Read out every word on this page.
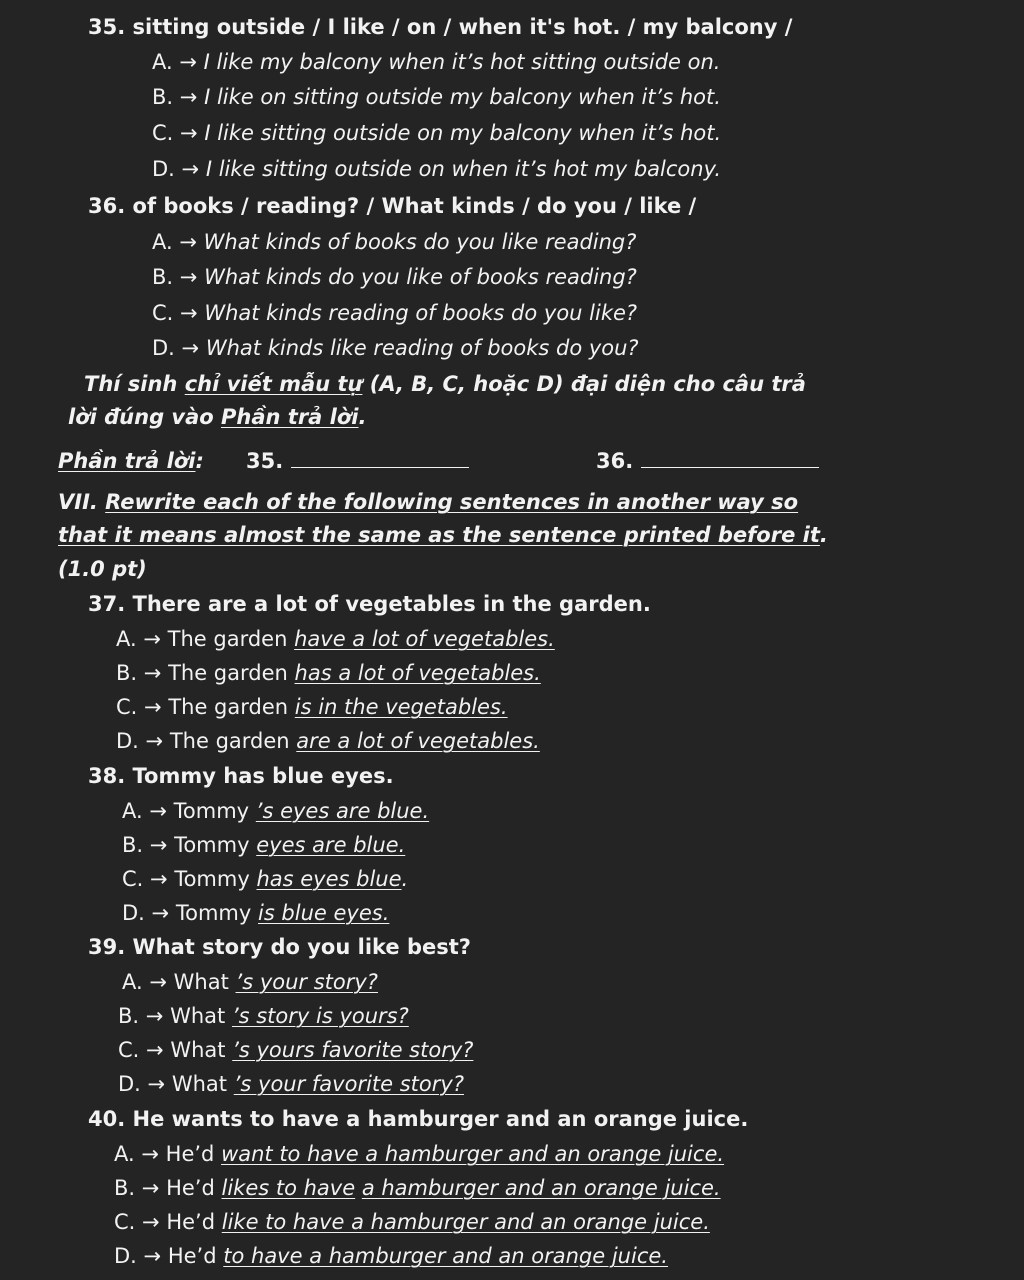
35. sitting outside / I like / on / when it's hot. / my balcony /
A. → I like my balcony when it’s hot sitting outside on.
B. → I like on sitting outside my balcony when it’s hot.
C. → I like sitting outside on my balcony when it’s hot.
D. → I like sitting outside on when it’s hot my balcony.
36. of books / reading? / What kinds / do you / like /
A. → What kinds of books do you like reading?
B. → What kinds do you like of books reading?
C. → What kinds reading of books do you like?
D. → What kinds like reading of books do you?
Thí sinh chỉ viết mẫu tự (A, B, C, hoặc D) đại diện cho câu trả
lời đúng vào Phần trả lời.
Phần trả lời: 35.	36.
VII. Rewrite each of the following sentences in another way so
that it means almost the same as the sentence printed before it.
(1.0 pt)
37. There are a lot of vegetables in the garden.
A. → The garden have a lot of vegetables.
B. → The garden has a lot of vegetables.
C. → The garden is in the vegetables.
D. → The garden are a lot of vegetables.
38. Tommy has blue eyes.
A. → Tommy ’s eyes are blue.
B. → Tommy eyes are blue.
C. → Tommy has eyes blue.
D. → Tommy is blue eyes.
39. What story do you like best?
A. → What ’s your story?
B. → What ’s story is yours?
C. → What ’s yours favorite story?
D. → What ’s your favorite story?
40. He wants to have a hamburger and an orange juice.
A. → He’d want to have a hamburger and an orange juice.
B. → He’d likes to have a hamburger and an orange juice.
C. → He’d like to have a hamburger and an orange juice.
D. → He’d to have a hamburger and an orange juice.
